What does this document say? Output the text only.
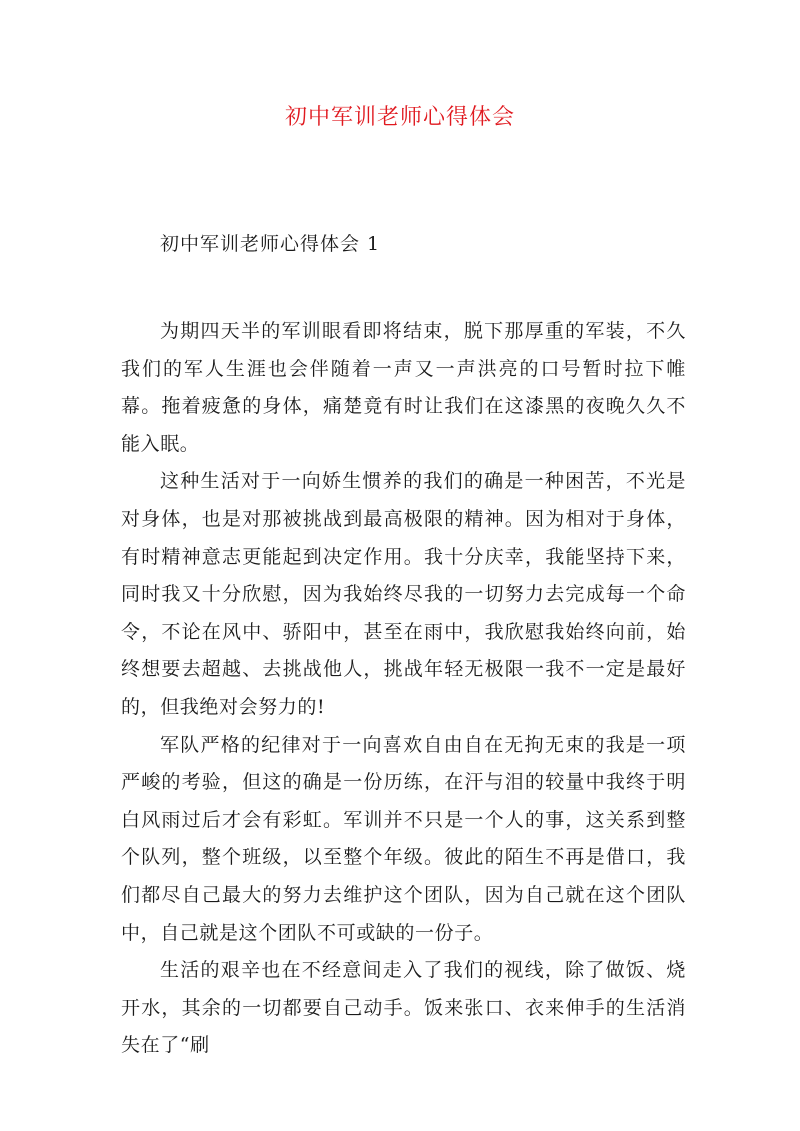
初中军训老师心得体会
初中军训老师心得体会 1

为期四天半的军训眼看即将结束，脱下那厚重的军装，不久我们的军人生涯也会伴随着一声又一声洪亮的口号暂时拉下帷幕。拖着疲惫的身体，痛楚竟有时让我们在这漆黑的夜晚久久不能入眠。

这种生活对于一向娇生惯养的我们的确是一种困苦，不光是对身体，也是对那被挑战到最高极限的精神。因为相对于身体，有时精神意志更能起到决定作用。我十分庆幸，我能坚持下来，同时我又十分欣慰，因为我始终尽我的一切努力去完成每一个命令，不论在风中、骄阳中，甚至在雨中，我欣慰我始终向前，始终想要去超越、去挑战他人，挑战年轻无极限一我不一定是最好的，但我绝对会努力的!

军队严格的纪律对于一向喜欢自由自在无拘无束的我是一项严峻的考验，但这的确是一份历练，在汗与泪的较量中我终于明白风雨过后才会有彩虹。军训并不只是一个人的事，这关系到整个队列，整个班级，以至整个年级。彼此的陌生不再是借口，我们都尽自己最大的努力去维护这个团队，因为自己就在这个团队中，自己就是这个团队不可或缺的一份子。

生活的艰辛也在不经意间走入了我们的视线，除了做饭、烧开水，其余的一切都要自己动手。饭来张口、衣来伸手的生活消失在了“刷
